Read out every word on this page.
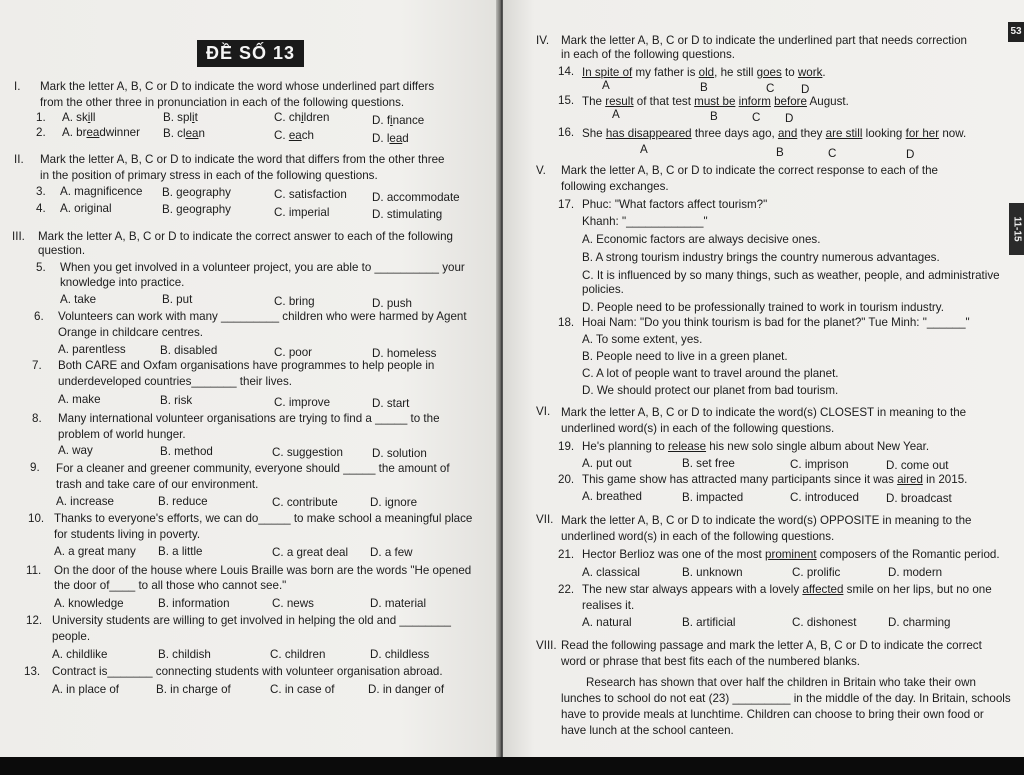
ĐỀ SỐ 13
53
11-15
I. Mark the letter A, B, C or D to indicate the word whose underlined part differs
from the other three in pronunciation in each of the following questions.
1. A. skill	B. split	C. children	D. finance
2. A. breadwinner B. clean	C. each	D. lead
II. Mark the letter A, B, C or D to indicate the word that differs from the other three
in the position of primary stress in each of the following questions.
3. A. magnificence B. geography	C. satisfaction D. accommodate
4. A. original	B. geography	C. imperial	D. stimulating
III. Mark the letter A, B, C or D to indicate the correct answer to each of the following
question.
5. When you get involved in a volunteer project, you are able to __________ your
knowledge into practice.
A. take	B. put	C. bring	D. push
6. Volunteers can work with many _________ children who were harmed by Agent
Orange in childcare centres.
A. parentless	B. disabled	C. poor	D. homeless
7. Both CARE and Oxfam organisations have programmes to help people in
underdeveloped countries_______ their lives.
A. make	B. risk	C. improve	D. start
8. Many international volunteer organisations are trying to find a _____ to the
problem of world hunger.
A. way	B. method	C. suggestion	D. solution
9. For a cleaner and greener community, everyone should _____ the amount of
trash and take care of our environment.
A. increase	B. reduce	C. contribute	D. ignore
10. Thanks to everyone's efforts, we can do_____ to make school a meaningful place
for students living in poverty.
A. a great many B. a little	C. a great deal D. a few
11. On the door of the house where Louis Braille was born are the words "He opened
the door of____ to all those who cannot see."
A. knowledge	B. information	C. news	D. material
12. University students are willing to get involved in helping the old and ________
people.
A. childlike	B. childish	C. children	D. childless
13. Contract is_______ connecting students with volunteer organisation abroad.
A. in place of	B. in charge of	C. in case of	D. in danger of
IV. Mark the letter A, B, C or D to indicate the underlined part that needs correction
in each of the following questions.
14. In spite of my father is old, he still goes to work.
A	B	C D
15. The result of that test must be inform before August.
A	B	C D
16. She has disappeared three days ago, and they are still looking for her now.
A	B	C	D
V. Mark the letter A, B, C or D to indicate the correct response to each of the
following exchanges.
17. Phuc: "What factors affect tourism?"
Khanh: "____________"
A. Economic factors are always decisive ones.
B. A strong tourism industry brings the country numerous advantages.
C. It is influenced by so many things, such as weather, people, and administrative
policies.
D. People need to be professionally trained to work in tourism industry.
18. Hoai Nam: "Do you think tourism is bad for the planet?" Tue Minh: "______"
A. To some extent, yes.
B. People need to live in a green planet.
C. A lot of people want to travel around the planet.
D. We should protect our planet from bad tourism.
VI. Mark the letter A, B, C or D to indicate the word(s) CLOSEST in meaning to the
underlined word(s) in each of the following questions.
19. He's planning to release his new solo single album about New Year.
A. put out	B. set free	C. imprison	D. come out
20. This game show has attracted many participants since it was aired in 2015.
A. breathed	B. impacted	C. introduced D. broadcast
VII. Mark the letter A, B, C or D to indicate the word(s) OPPOSITE in meaning to the
underlined word(s) in each of the following questions.
21. Hector Berlioz was one of the most prominent composers of the Romantic period.
A. classical	B. unknown	C. prolific	D. modern
22. The new star always appears with a lovely affected smile on her lips, but no one
realises it.
A. natural	B. artificial	C. dishonest	D. charming
VIII. Read the following passage and mark the letter A, B, C or D to indicate the correct
word or phrase that best fits each of the numbered blanks.
Research has shown that over half the children in Britain who take their own
lunches to school do not eat (23) _________ in the middle of the day. In Britain, schools
have to provide meals at lunchtime. Children can choose to bring their own food or
have lunch at the school canteen.
